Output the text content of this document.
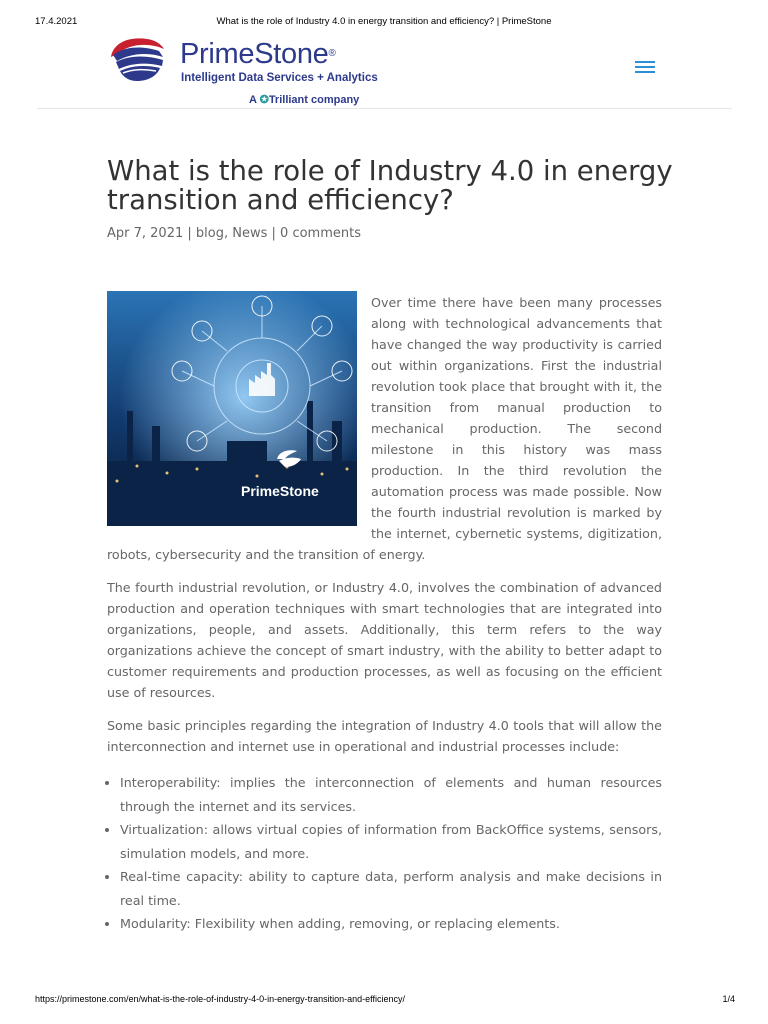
17.4.2021	What is the role of Industry 4.0 in energy transition and efficiency? | PrimeStone
PrimeStone®
Intelligent Data Services + Analytics
A ✪Trilliant company
What is the role of Industry 4.0 in energy transition and efficiency?
Apr 7, 2021 | blog, News | 0 comments
PrimeStone

Over time there have been many processes along with technological advancements that have changed the way productivity is carried out within organizations. First the industrial revolution took place that brought with it, the transition from manual production to mechanical production. The second milestone in this history was mass production. In the third revolution the automation process was made possible. Now the fourth industrial revolution is marked by the internet, cybernetic systems, digitization, robots, cybersecurity and the transition of energy.

The fourth industrial revolution, or Industry 4.0, involves the combination of advanced production and operation techniques with smart technologies that are integrated into organizations, people, and assets. Additionally, this term refers to the way organizations achieve the concept of smart industry, with the ability to better adapt to customer requirements and production processes, as well as focusing on the efficient use of resources.

Some basic principles regarding the integration of Industry 4.0 tools that will allow the interconnection and internet use in operational and industrial processes include:

• Interoperability: implies the interconnection of elements and human resources through the internet and its services.
• Virtualization: allows virtual copies of information from BackOffice systems, sensors, simulation models, and more.
• Real-time capacity: ability to capture data, perform analysis and make decisions in real time.
• Modularity: Flexibility when adding, removing, or replacing elements.
https://primestone.com/en/what-is-the-role-of-industry-4-0-in-energy-transition-and-efficiency/	1/4
